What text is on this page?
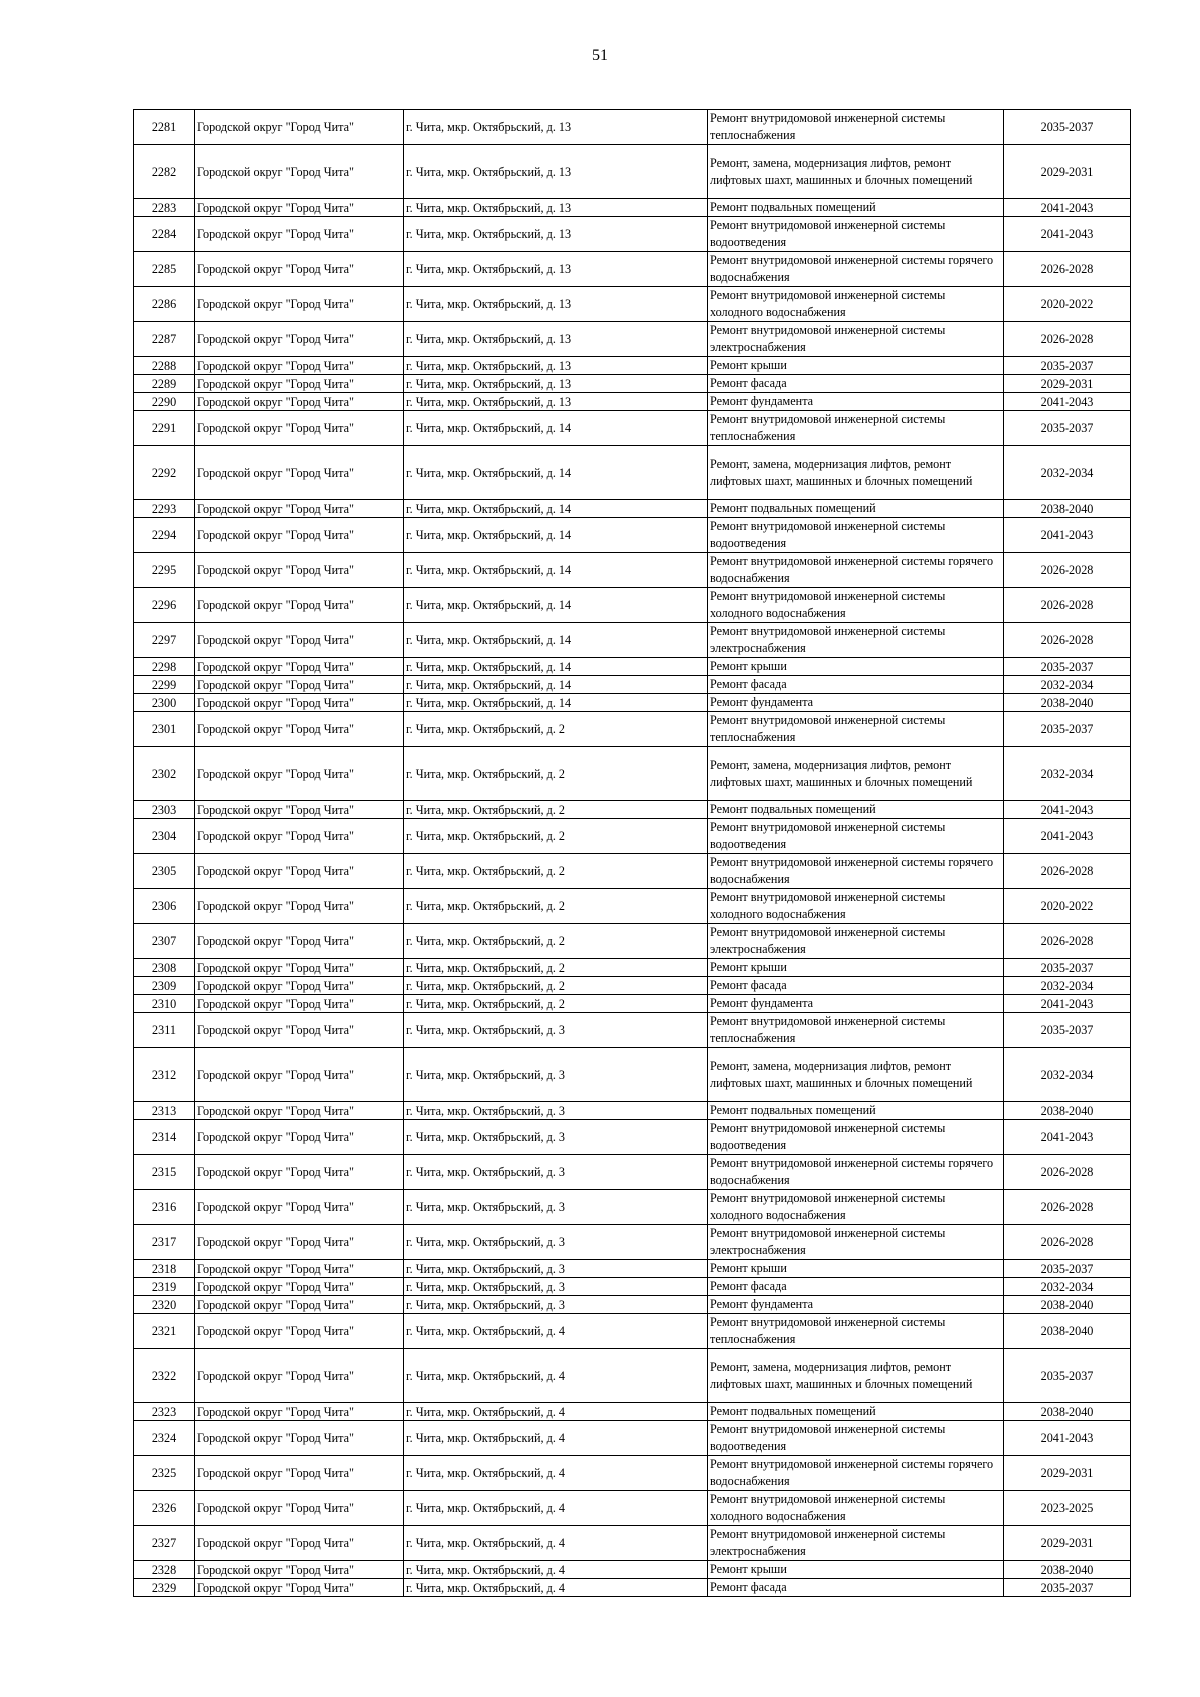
51
2281	Городской округ "Город Чита"	г. Чита, мкр. Октябрьский, д. 13	Ремонт внутридомовой инженерной системы теплоснабжения	2035-2037
2282	Городской округ "Город Чита"	г. Чита, мкр. Октябрьский, д. 13	Ремонт, замена, модернизация лифтов, ремонт лифтовых шахт, машинных и блочных помещений	2029-2031
2283	Городской округ "Город Чита"	г. Чита, мкр. Октябрьский, д. 13	Ремонт подвальных помещений	2041-2043
2284	Городской округ "Город Чита"	г. Чита, мкр. Октябрьский, д. 13	Ремонт внутридомовой инженерной системы водоотведения	2041-2043
2285	Городской округ "Город Чита"	г. Чита, мкр. Октябрьский, д. 13	Ремонт внутридомовой инженерной системы горячего водоснабжения	2026-2028
2286	Городской округ "Город Чита"	г. Чита, мкр. Октябрьский, д. 13	Ремонт внутридомовой инженерной системы холодного водоснабжения	2020-2022
2287	Городской округ "Город Чита"	г. Чита, мкр. Октябрьский, д. 13	Ремонт внутридомовой инженерной системы электроснабжения	2026-2028
2288	Городской округ "Город Чита"	г. Чита, мкр. Октябрьский, д. 13	Ремонт крыши	2035-2037
2289	Городской округ "Город Чита"	г. Чита, мкр. Октябрьский, д. 13	Ремонт фасада	2029-2031
2290	Городской округ "Город Чита"	г. Чита, мкр. Октябрьский, д. 13	Ремонт фундамента	2041-2043
2291	Городской округ "Город Чита"	г. Чита, мкр. Октябрьский, д. 14	Ремонт внутридомовой инженерной системы теплоснабжения	2035-2037
2292	Городской округ "Город Чита"	г. Чита, мкр. Октябрьский, д. 14	Ремонт, замена, модернизация лифтов, ремонт лифтовых шахт, машинных и блочных помещений	2032-2034
2293	Городской округ "Город Чита"	г. Чита, мкр. Октябрьский, д. 14	Ремонт подвальных помещений	2038-2040
2294	Городской округ "Город Чита"	г. Чита, мкр. Октябрьский, д. 14	Ремонт внутридомовой инженерной системы водоотведения	2041-2043
2295	Городской округ "Город Чита"	г. Чита, мкр. Октябрьский, д. 14	Ремонт внутридомовой инженерной системы горячего водоснабжения	2026-2028
2296	Городской округ "Город Чита"	г. Чита, мкр. Октябрьский, д. 14	Ремонт внутридомовой инженерной системы холодного водоснабжения	2026-2028
2297	Городской округ "Город Чита"	г. Чита, мкр. Октябрьский, д. 14	Ремонт внутридомовой инженерной системы электроснабжения	2026-2028
2298	Городской округ "Город Чита"	г. Чита, мкр. Октябрьский, д. 14	Ремонт крыши	2035-2037
2299	Городской округ "Город Чита"	г. Чита, мкр. Октябрьский, д. 14	Ремонт фасада	2032-2034
2300	Городской округ "Город Чита"	г. Чита, мкр. Октябрьский, д. 14	Ремонт фундамента	2038-2040
2301	Городской округ "Город Чита"	г. Чита, мкр. Октябрьский, д. 2	Ремонт внутридомовой инженерной системы теплоснабжения	2035-2037
2302	Городской округ "Город Чита"	г. Чита, мкр. Октябрьский, д. 2	Ремонт, замена, модернизация лифтов, ремонт лифтовых шахт, машинных и блочных помещений	2032-2034
2303	Городской округ "Город Чита"	г. Чита, мкр. Октябрьский, д. 2	Ремонт подвальных помещений	2041-2043
2304	Городской округ "Город Чита"	г. Чита, мкр. Октябрьский, д. 2	Ремонт внутридомовой инженерной системы водоотведения	2041-2043
2305	Городской округ "Город Чита"	г. Чита, мкр. Октябрьский, д. 2	Ремонт внутридомовой инженерной системы горячего водоснабжения	2026-2028
2306	Городской округ "Город Чита"	г. Чита, мкр. Октябрьский, д. 2	Ремонт внутридомовой инженерной системы холодного водоснабжения	2020-2022
2307	Городской округ "Город Чита"	г. Чита, мкр. Октябрьский, д. 2	Ремонт внутридомовой инженерной системы электроснабжения	2026-2028
2308	Городской округ "Город Чита"	г. Чита, мкр. Октябрьский, д. 2	Ремонт крыши	2035-2037
2309	Городской округ "Город Чита"	г. Чита, мкр. Октябрьский, д. 2	Ремонт фасада	2032-2034
2310	Городской округ "Город Чита"	г. Чита, мкр. Октябрьский, д. 2	Ремонт фундамента	2041-2043
2311	Городской округ "Город Чита"	г. Чита, мкр. Октябрьский, д. 3	Ремонт внутридомовой инженерной системы теплоснабжения	2035-2037
2312	Городской округ "Город Чита"	г. Чита, мкр. Октябрьский, д. 3	Ремонт, замена, модернизация лифтов, ремонт лифтовых шахт, машинных и блочных помещений	2032-2034
2313	Городской округ "Город Чита"	г. Чита, мкр. Октябрьский, д. 3	Ремонт подвальных помещений	2038-2040
2314	Городской округ "Город Чита"	г. Чита, мкр. Октябрьский, д. 3	Ремонт внутридомовой инженерной системы водоотведения	2041-2043
2315	Городской округ "Город Чита"	г. Чита, мкр. Октябрьский, д. 3	Ремонт внутридомовой инженерной системы горячего водоснабжения	2026-2028
2316	Городской округ "Город Чита"	г. Чита, мкр. Октябрьский, д. 3	Ремонт внутридомовой инженерной системы холодного водоснабжения	2026-2028
2317	Городской округ "Город Чита"	г. Чита, мкр. Октябрьский, д. 3	Ремонт внутридомовой инженерной системы электроснабжения	2026-2028
2318	Городской округ "Город Чита"	г. Чита, мкр. Октябрьский, д. 3	Ремонт крыши	2035-2037
2319	Городской округ "Город Чита"	г. Чита, мкр. Октябрьский, д. 3	Ремонт фасада	2032-2034
2320	Городской округ "Город Чита"	г. Чита, мкр. Октябрьский, д. 3	Ремонт фундамента	2038-2040
2321	Городской округ "Город Чита"	г. Чита, мкр. Октябрьский, д. 4	Ремонт внутридомовой инженерной системы теплоснабжения	2038-2040
2322	Городской округ "Город Чита"	г. Чита, мкр. Октябрьский, д. 4	Ремонт, замена, модернизация лифтов, ремонт лифтовых шахт, машинных и блочных помещений	2035-2037
2323	Городской округ "Город Чита"	г. Чита, мкр. Октябрьский, д. 4	Ремонт подвальных помещений	2038-2040
2324	Городской округ "Город Чита"	г. Чита, мкр. Октябрьский, д. 4	Ремонт внутридомовой инженерной системы водоотведения	2041-2043
2325	Городской округ "Город Чита"	г. Чита, мкр. Октябрьский, д. 4	Ремонт внутридомовой инженерной системы горячего водоснабжения	2029-2031
2326	Городской округ "Город Чита"	г. Чита, мкр. Октябрьский, д. 4	Ремонт внутридомовой инженерной системы холодного водоснабжения	2023-2025
2327	Городской округ "Город Чита"	г. Чита, мкр. Октябрьский, д. 4	Ремонт внутридомовой инженерной системы электроснабжения	2029-2031
2328	Городской округ "Город Чита"	г. Чита, мкр. Октябрьский, д. 4	Ремонт крыши	2038-2040
2329	Городской округ "Город Чита"	г. Чита, мкр. Октябрьский, д. 4	Ремонт фасада	2035-2037
